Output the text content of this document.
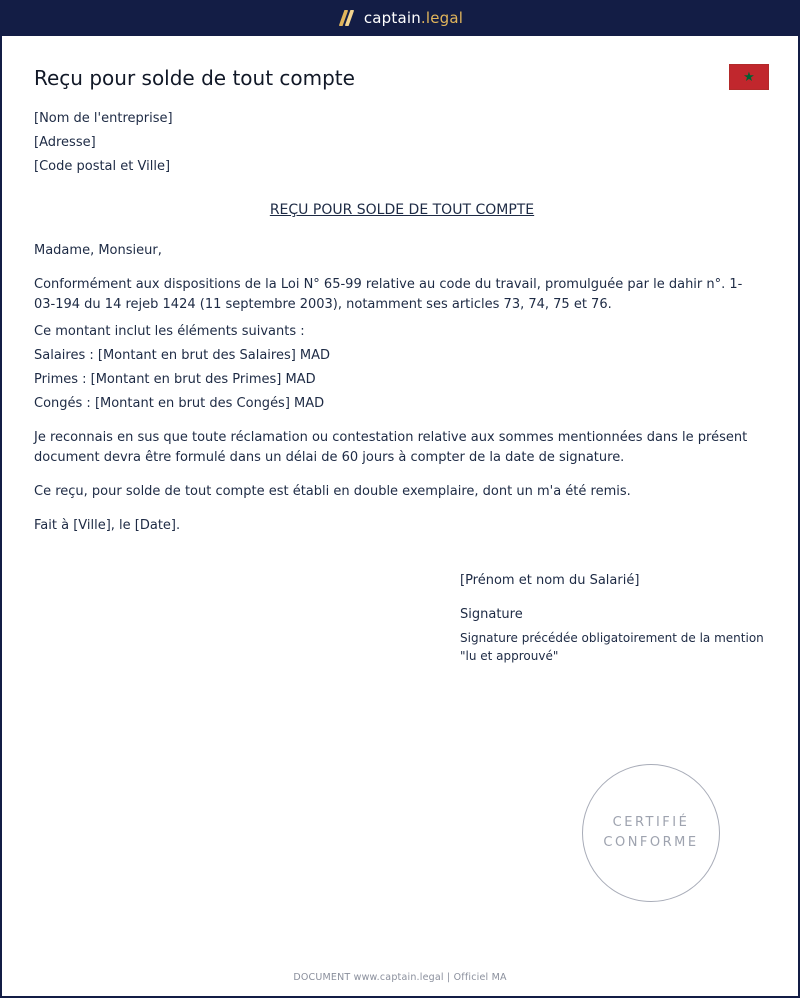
captain.legal
Reçu pour solde de tout compte	★

[Nom de l'entreprise]

[Adresse]

[Code postal et Ville]

REÇU POUR SOLDE DE TOUT COMPTE

Madame, Monsieur,

Conformément aux dispositions de la Loi N° 65-99 relative au code du travail, promulguée par le dahir n°. 1-03-194 du 14 rejeb 1424 (11 septembre 2003), notamment ses articles 73, 74, 75 et 76.

Ce montant inclut les éléments suivants :

Salaires : [Montant en brut des Salaires] MAD

Primes : [Montant en brut des Primes] MAD

Congés : [Montant en brut des Congés] MAD

Je reconnais en sus que toute réclamation ou contestation relative aux sommes mentionnées dans le présent document devra être formulé dans un délai de 60 jours à compter de la date de signature.

Ce reçu, pour solde de tout compte est établi en double exemplaire, dont un m'a été remis.

Fait à [Ville], le [Date].

[Prénom et nom du Salarié]

Signature

Signature précédée obligatoirement de la mention

"lu et approuvé"

CERTIFIÉ
CONFORME
DOCUMENT www.captain.legal | Officiel MA
